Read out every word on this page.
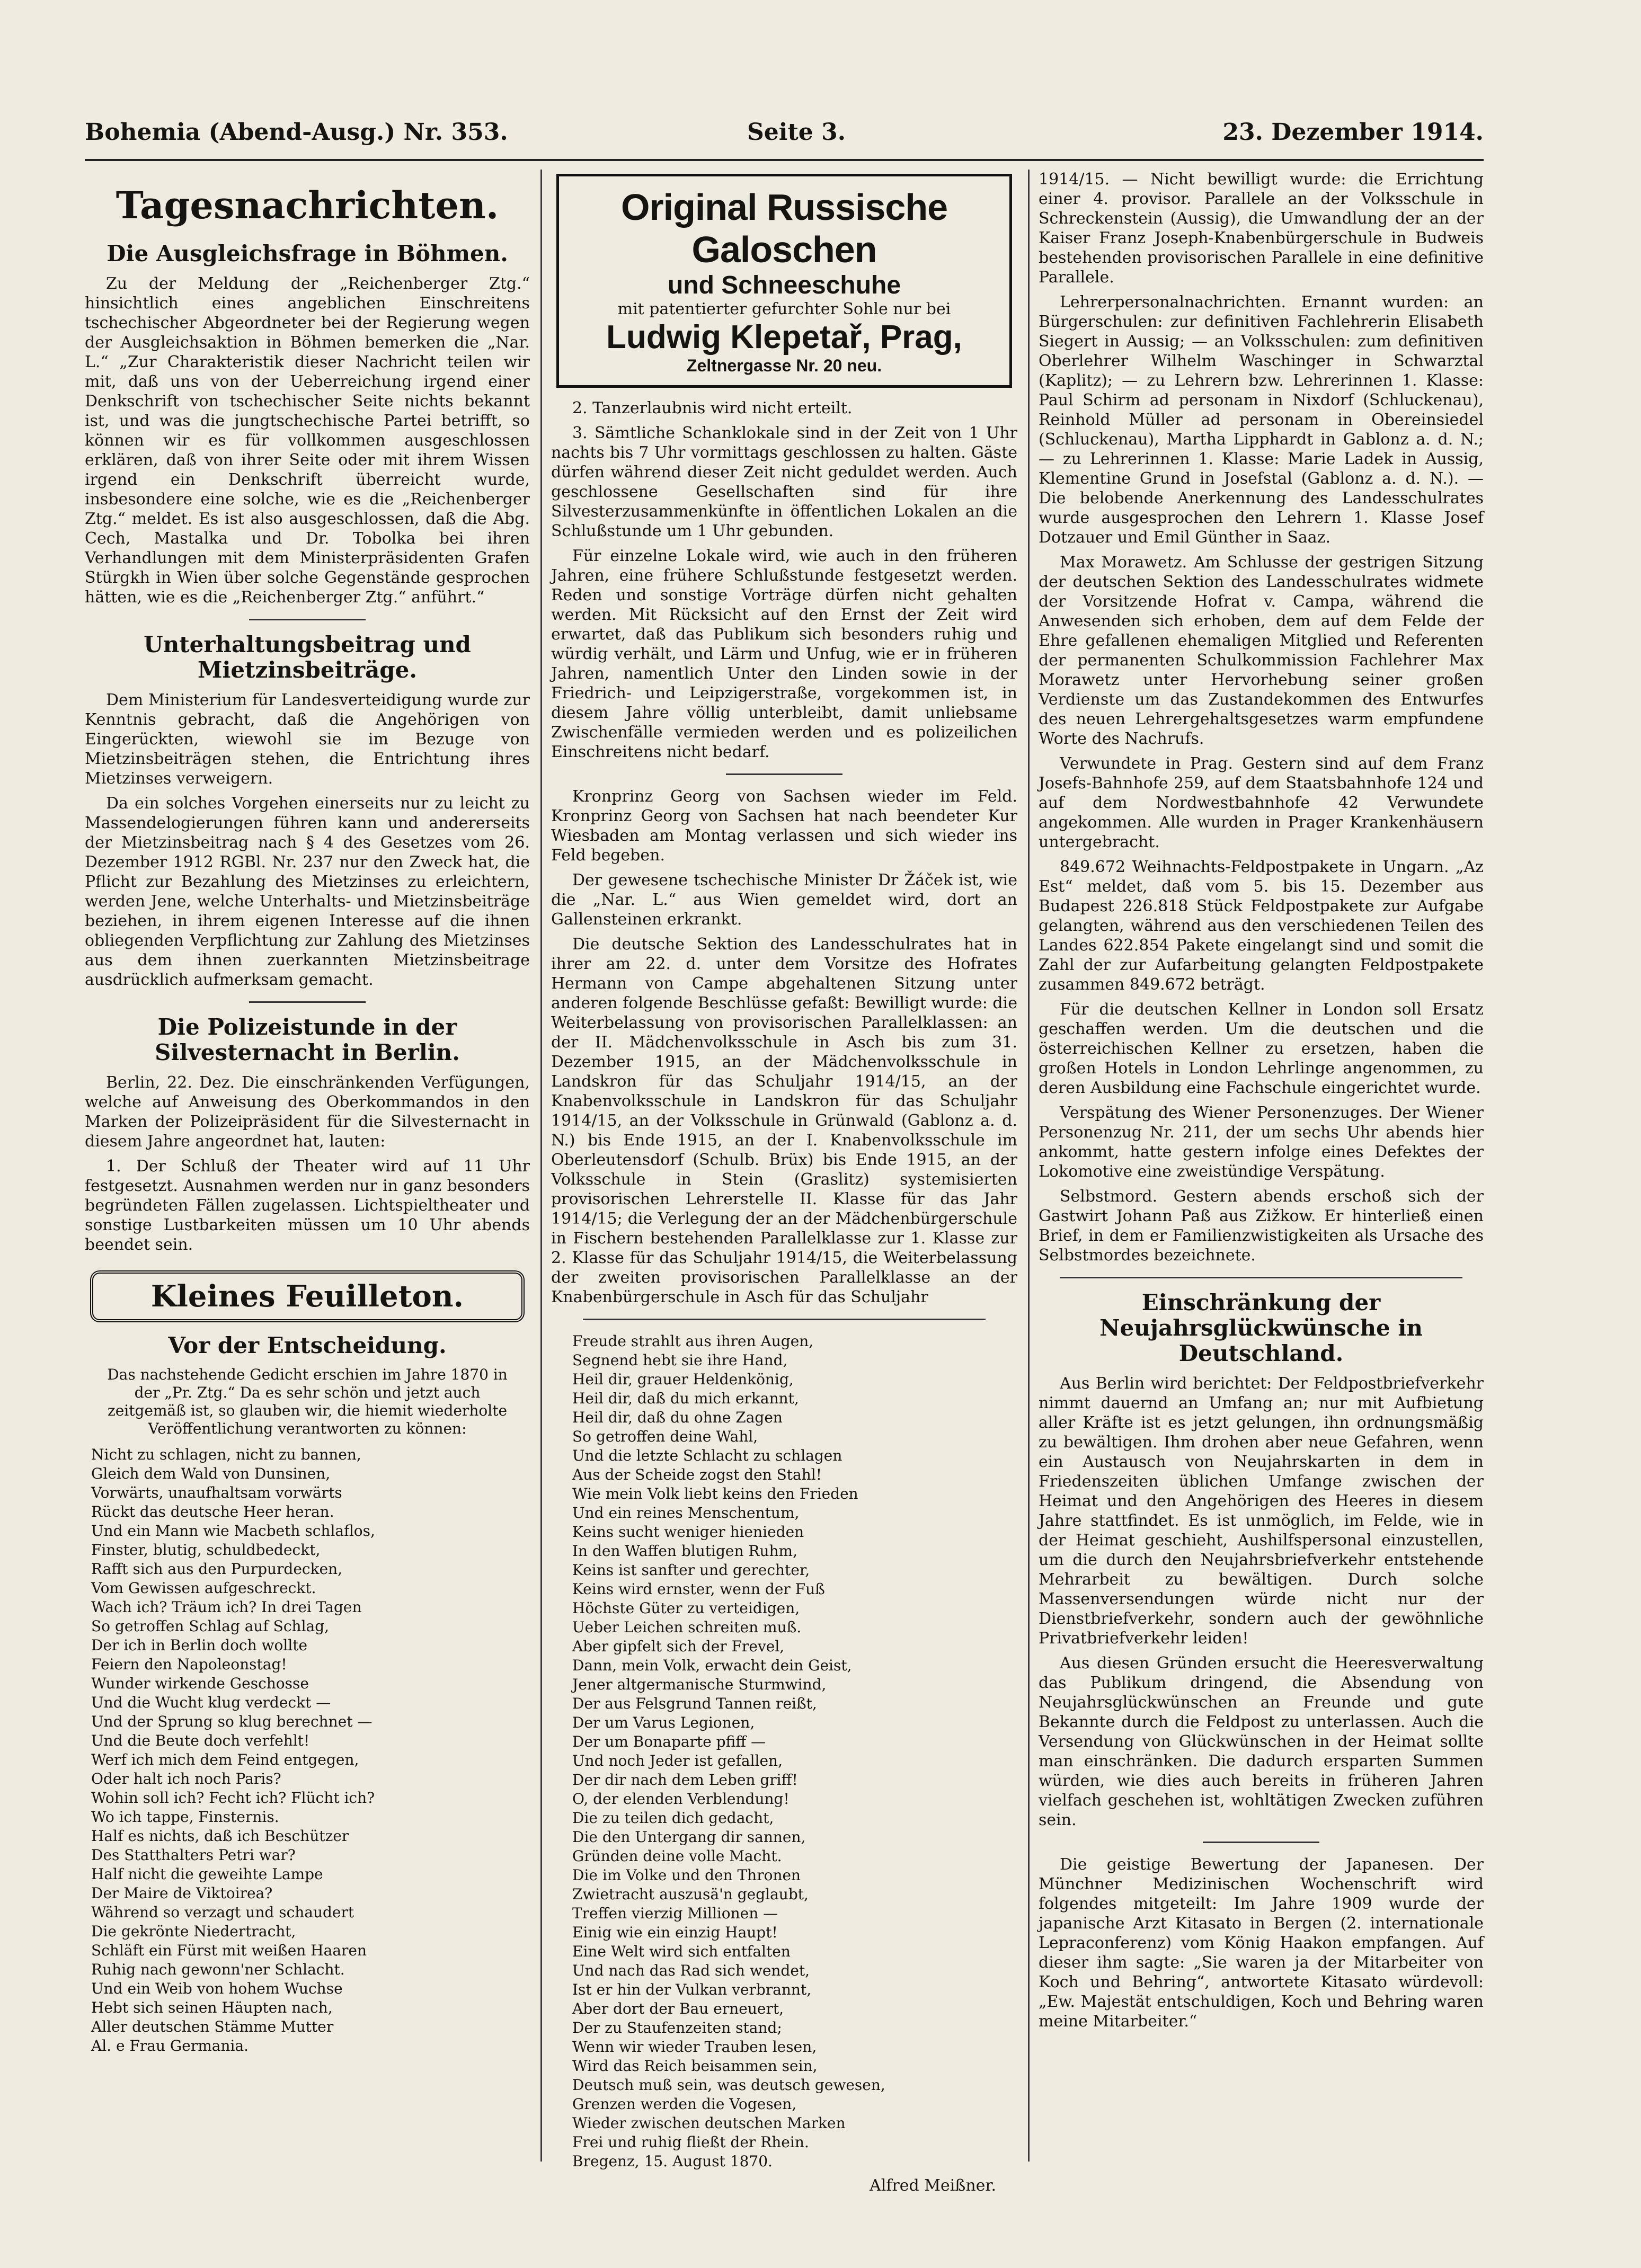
Bohemia (Abend-Ausg.) Nr. 353.	Seite 3.	23. Dezember 1914.
Tagesnachrichten.
Die Ausgleichsfrage in Böhmen.

Zu der Meldung der „Reichenberger Ztg.“ hinsichtlich eines angeblichen Einschreitens tschechischer Abgeordneter bei der Regierung wegen der Ausgleichsaktion in Böhmen bemerken die „Nar. L.“ „Zur Charakteristik dieser Nachricht teilen wir mit, daß uns von der Ueberreichung irgend einer Denkschrift von tschechischer Seite nichts bekannt ist, und was die jungtschechische Partei betrifft, so können wir es für vollkommen ausgeschlossen erklären, daß von ihrer Seite oder mit ihrem Wissen irgend ein Denkschrift überreicht wurde, insbesondere eine solche, wie es die „Reichenberger Ztg.“ meldet. Es ist also ausgeschlossen, daß die Abg. Cech, Mastalka und Dr. Tobolka bei ihren Verhandlungen mit dem Ministerpräsidenten Grafen Stürgkh in Wien über solche Gegenstände gesprochen hätten, wie es die „Reichenberger Ztg.“ anführt.“

Unterhaltungsbeitrag und Mietzinsbeiträge.

Dem Ministerium für Landesverteidigung wurde zur Kenntnis gebracht, daß die Angehörigen von Eingerückten, wiewohl sie im Bezuge von Mietzinsbeiträgen stehen, die Entrichtung ihres Mietzinses verweigern.

Da ein solches Vorgehen einerseits nur zu leicht zu Massendelogierungen führen kann und andererseits der Mietzinsbeitrag nach § 4 des Gesetzes vom 26. Dezember 1912 RGBl. Nr. 237 nur den Zweck hat, die Pflicht zur Bezahlung des Mietzinses zu erleichtern, werden Jene, welche Unterhalts- und Mietzinsbeiträge beziehen, in ihrem eigenen Interesse auf die ihnen obliegenden Verpflichtung zur Zahlung des Mietzinses aus dem ihnen zuerkannten Mietzinsbeitrage ausdrücklich aufmerksam gemacht.

Die Polizeistunde in der Silvesternacht in Berlin.

Berlin, 22. Dez. Die einschränkenden Verfügungen, welche auf Anweisung des Oberkommandos in den Marken der Polizeipräsident für die Silvesternacht in diesem Jahre angeordnet hat, lauten:

1. Der Schluß der Theater wird auf 11 Uhr festgesetzt. Ausnahmen werden nur in ganz besonders begründeten Fällen zugelassen. Lichtspieltheater und sonstige Lustbarkeiten müssen um 10 Uhr abends beendet sein.

Kleines Feuilleton.
Vor der Entscheidung.

Das nachstehende Gedicht erschien im Jahre 1870 in der „Pr. Ztg.“ Da es sehr schön und jetzt auch zeitgemäß ist, so glauben wir, die hiemit wiederholte Veröffentlichung verantworten zu können:

Nicht zu schlagen, nicht zu bannen,
Gleich dem Wald von Dunsinen,
Vorwärts, unaufhaltsam vorwärts
Rückt das deutsche Heer heran.
Und ein Mann wie Macbeth schlaflos,
Finster, blutig, schuldbedeckt,
Rafft sich aus den Purpurdecken,
Vom Gewissen aufgeschreckt.
Wach ich? Träum ich? In drei Tagen
So getroffen Schlag auf Schlag,
Der ich in Berlin doch wollte
Feiern den Napoleonstag!
Wunder wirkende Geschosse
Und die Wucht klug verdeckt —
Und der Sprung so klug berechnet —
Und die Beute doch verfehlt!
Werf ich mich dem Feind entgegen,
Oder halt ich noch Paris?
Wohin soll ich? Fecht ich? Flücht ich?
Wo ich tappe, Finsternis.
Half es nichts, daß ich Beschützer
Des Statthalters Petri war?
Half nicht die geweihte Lampe
Der Maire de Viktoirea?
Während so verzagt und schaudert
Die gekrönte Niedertracht,
Schläft ein Fürst mit weißen Haaren
Ruhig nach gewonn'ner Schlacht.
Und ein Weib von hohem Wuchse
Hebt sich seinen Häupten nach,
Aller deutschen Stämme Mutter
Al. e Frau Germania.
Original Russische Galoschen
und Schneeschuhe
mit patentierter gefurchter Sohle nur bei
Ludwig Klepetař, Prag,
Zeltnergasse Nr. 20 neu.

2. Tanzerlaubnis wird nicht erteilt.

3. Sämtliche Schanklokale sind in der Zeit von 1 Uhr nachts bis 7 Uhr vormittags geschlossen zu halten. Gäste dürfen während dieser Zeit nicht geduldet werden. Auch geschlossene Gesellschaften sind für ihre Silvesterzusammenkünfte in öffentlichen Lokalen an die Schlußstunde um 1 Uhr gebunden.

Für einzelne Lokale wird, wie auch in den früheren Jahren, eine frühere Schlußstunde festgesetzt werden. Reden und sonstige Vorträge dürfen nicht gehalten werden. Mit Rücksicht auf den Ernst der Zeit wird erwartet, daß das Publikum sich besonders ruhig und würdig verhält, und Lärm und Unfug, wie er in früheren Jahren, namentlich Unter den Linden sowie in der Friedrich- und Leipzigerstraße, vorgekommen ist, in diesem Jahre völlig unterbleibt, damit unliebsame Zwischenfälle vermieden werden und es polizeilichen Einschreitens nicht bedarf.

Kronprinz Georg von Sachsen wieder im Feld. Kronprinz Georg von Sachsen hat nach beendeter Kur Wiesbaden am Montag verlassen und sich wieder ins Feld begeben.

Der gewesene tschechische Minister Dr Žáček ist, wie die „Nar. L.“ aus Wien gemeldet wird, dort an Gallensteinen erkrankt.

Die deutsche Sektion des Landesschulrates hat in ihrer am 22. d. unter dem Vorsitze des Hofrates Hermann von Campe abgehaltenen Sitzung unter anderen folgende Beschlüsse gefaßt: Bewilligt wurde: die Weiterbelassung von provisorischen Parallelklassen: an der II. Mädchenvolksschule in Asch bis zum 31. Dezember 1915, an der Mädchenvolksschule in Landskron für das Schuljahr 1914/15, an der Knabenvolksschule in Landskron für das Schuljahr 1914/15, an der Volksschule in Grünwald (Gablonz a. d. N.) bis Ende 1915, an der I. Knabenvolksschule im Oberleutensdorf (Schulb. Brüx) bis Ende 1915, an der Volksschule in Stein (Graslitz) systemisierten provisorischen Lehrerstelle II. Klasse für das Jahr 1914/15; die Verlegung der an der Mädchenbürgerschule in Fischern bestehenden Parallelklasse zur 1. Klasse zur 2. Klasse für das Schuljahr 1914/15, die Weiterbelassung der zweiten provisorischen Parallelklasse an der Knabenbürgerschule in Asch für das Schuljahr

Freude strahlt aus ihren Augen,
Segnend hebt sie ihre Hand,
Heil dir, grauer Heldenkönig,
Heil dir, daß du mich erkannt,
Heil dir, daß du ohne Zagen
So getroffen deine Wahl,
Und die letzte Schlacht zu schlagen
Aus der Scheide zogst den Stahl!
Wie mein Volk liebt keins den Frieden
Und ein reines Menschentum,
Keins sucht weniger hienieden
In den Waffen blutigen Ruhm,
Keins ist sanfter und gerechter,
Keins wird ernster, wenn der Fuß
Höchste Güter zu verteidigen,
Ueber Leichen schreiten muß.
Aber gipfelt sich der Frevel,
Dann, mein Volk, erwacht dein Geist,
Jener altgermanische Sturmwind,
Der aus Felsgrund Tannen reißt,
Der um Varus Legionen,
Der um Bonaparte pfiff —
Und noch Jeder ist gefallen,
Der dir nach dem Leben griff!
O, der elenden Verblendung!
Die zu teilen dich gedacht,
Die den Untergang dir sannen,
Gründen deine volle Macht.
Die im Volke und den Thronen
Zwietracht auszusä'n geglaubt,
Treffen vierzig Millionen —
Einig wie ein einzig Haupt!
Eine Welt wird sich entfalten
Und nach das Rad sich wendet,
Ist er hin der Vulkan verbrannt,
Aber dort der Bau erneuert,
Der zu Staufenzeiten stand;
Wenn wir wieder Trauben lesen,
Wird das Reich beisammen sein,
Deutsch muß sein, was deutsch gewesen,
Grenzen werden die Vogesen,
Wieder zwischen deutschen Marken
Frei und ruhig fließt der Rhein.
Bregenz, 15. August 1870.
Alfred Meißner.

1914/15. — Nicht bewilligt wurde: die Errichtung einer 4. provisor. Parallele an der Volksschule in Schreckenstein (Aussig), die Umwandlung der an der Kaiser Franz Joseph-Knabenbürgerschule in Budweis bestehenden provisorischen Parallele in eine definitive Parallele.

Lehrerpersonalnachrichten. Ernannt wurden: an Bürgerschulen: zur definitiven Fachlehrerin Elisabeth Siegert in Aussig; — an Volksschulen: zum definitiven Oberlehrer Wilhelm Waschinger in Schwarztal (Kaplitz); — zu Lehrern bzw. Lehrerinnen 1. Klasse: Paul Schirm ad personam in Nixdorf (Schluckenau), Reinhold Müller ad personam in Obereinsiedel (Schluckenau), Martha Lipphardt in Gablonz a. d. N.; — zu Lehrerinnen 1. Klasse: Marie Ladek in Aussig, Klementine Grund in Josefstal (Gablonz a. d. N.). — Die belobende Anerkennung des Landesschulrates wurde ausgesprochen den Lehrern 1. Klasse Josef Dotzauer und Emil Günther in Saaz.

Max Morawetz. Am Schlusse der gestrigen Sitzung der deutschen Sektion des Landesschulrates widmete der Vorsitzende Hofrat v. Campa, während die Anwesenden sich erhoben, dem auf dem Felde der Ehre gefallenen ehemaligen Mitglied und Referenten der permanenten Schulkommission Fachlehrer Max Morawetz unter Hervorhebung seiner großen Verdienste um das Zustandekommen des Entwurfes des neuen Lehrergehaltsgesetzes warm empfundene Worte des Nachrufs.

Verwundete in Prag. Gestern sind auf dem Franz Josefs-Bahnhofe 259, auf dem Staatsbahnhofe 124 und auf dem Nordwestbahnhofe 42 Verwundete angekommen. Alle wurden in Prager Krankenhäusern untergebracht.

849.672 Weihnachts-Feldpostpakete in Ungarn. „Az Est“ meldet, daß vom 5. bis 15. Dezember aus Budapest 226.818 Stück Feldpostpakete zur Aufgabe gelangten, während aus den verschiedenen Teilen des Landes 622.854 Pakete eingelangt sind und somit die Zahl der zur Aufarbeitung gelangten Feldpostpakete zusammen 849.672 beträgt.

Für die deutschen Kellner in London soll Ersatz geschaffen werden. Um die deutschen und die österreichischen Kellner zu ersetzen, haben die großen Hotels in London Lehrlinge angenommen, zu deren Ausbildung eine Fachschule eingerichtet wurde.

Verspätung des Wiener Personenzuges. Der Wiener Personenzug Nr. 211, der um sechs Uhr abends hier ankommt, hatte gestern infolge eines Defektes der Lokomotive eine zweistündige Verspätung.

Selbstmord. Gestern abends erschoß sich der Gastwirt Johann Paß aus Zižkow. Er hinterließ einen Brief, in dem er Familienzwistigkeiten als Ursache des Selbstmordes bezeichnete.

Einschränkung der Neujahrsglückwünsche in Deutschland.

Aus Berlin wird berichtet: Der Feldpostbriefverkehr nimmt dauernd an Umfang an; nur mit Aufbietung aller Kräfte ist es jetzt gelungen, ihn ordnungsmäßig zu bewältigen. Ihm drohen aber neue Gefahren, wenn ein Austausch von Neujahrskarten in dem in Friedenszeiten üblichen Umfange zwischen der Heimat und den Angehörigen des Heeres in diesem Jahre stattfindet. Es ist unmöglich, im Felde, wie in der Heimat geschieht, Aushilfspersonal einzustellen, um die durch den Neujahrsbriefverkehr entstehende Mehrarbeit zu bewältigen. Durch solche Massenversendungen würde nicht nur der Dienstbriefverkehr, sondern auch der gewöhnliche Privatbriefverkehr leiden!

Aus diesen Gründen ersucht die Heeresverwaltung das Publikum dringend, die Absendung von Neujahrsglückwünschen an Freunde und gute Bekannte durch die Feldpost zu unterlassen. Auch die Versendung von Glückwünschen in der Heimat sollte man einschränken. Die dadurch ersparten Summen würden, wie dies auch bereits in früheren Jahren vielfach geschehen ist, wohltätigen Zwecken zuführen sein.

Die geistige Bewertung der Japanesen. Der Münchner Medizinischen Wochenschrift wird folgendes mitgeteilt: Im Jahre 1909 wurde der japanische Arzt Kitasato in Bergen (2. internationale Lepraconferenz) vom König Haakon empfangen. Auf dieser ihm sagte: „Sie waren ja der Mitarbeiter von Koch und Behring“, antwortete Kitasato würdevoll: „Ew. Majestät entschuldigen, Koch und Behring waren meine Mitarbeiter.“
